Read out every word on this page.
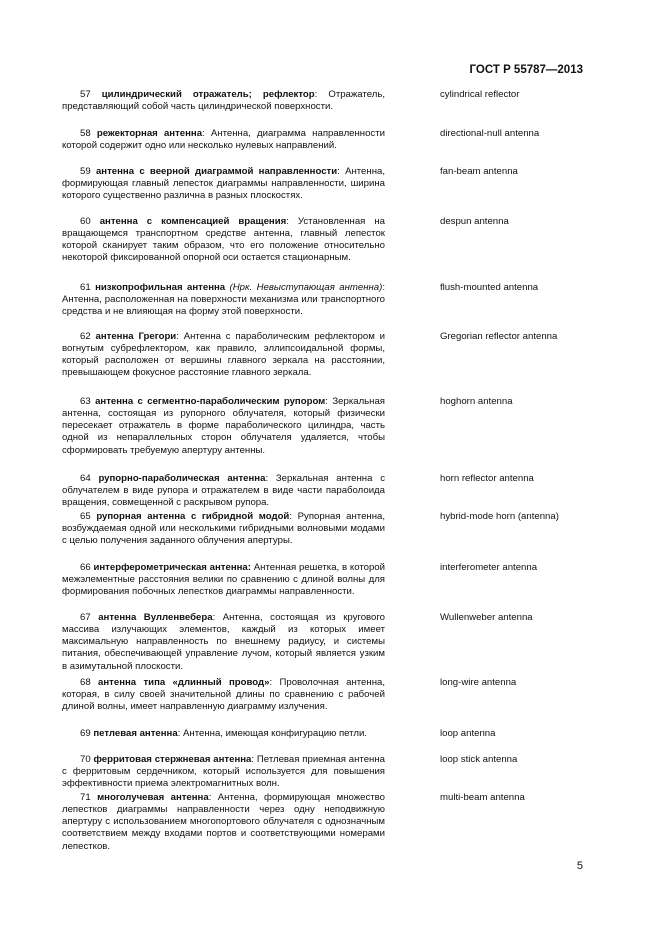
ГОСТ Р 55787—2013
57 цилиндрический отражатель; рефлектор: Отражатель, представляющий собой часть цилиндрической поверхности.
cylindrical reflector
58 режекторная антенна: Антенна, диаграмма направленности которой содержит одно или несколько нулевых направлений.
directional-null antenna
59 антенна с веерной диаграммой направленности: Антенна, формирующая главный лепесток диаграммы направленности, ширина которого существенно различна в разных плоскостях.
fan-beam antenna
60 антенна с компенсацией вращения: Установленная на вращающемся транспортном средстве антенна, главный лепесток которой сканирует таким образом, что его положение относительно некоторой фиксированной опорной оси остается стационарным.
despun antenna
61 низкопрофильная антенна (Нрк. Невыступающая антенна): Антенна, расположенная на поверхности механизма или транспортного средства и не влияющая на форму этой поверхности.
flush-mounted antenna
62 антенна Грегори: Антенна с параболическим рефлектором и вогнутым субрефлектором, как правило, эллипсоидальной формы, который расположен от вершины главного зеркала на расстоянии, превышающем фокусное расстояние главного зеркала.
Gregorian reflector antenna
63 антенна с сегментно-параболическим рупором: Зеркальная антенна, состоящая из рупорного облучателя, который физически пересекает отражатель в форме параболического цилиндра, часть одной из непараллельных сторон облучателя удаляется, чтобы сформировать требуемую апертуру антенны.
hoghorn antenna
64 рупорно-параболическая антенна: Зеркальная антенна с облучателем в виде рупора и отражателем в виде части параболоида вращения, совмещенной с раскрывом рупора.
horn reflector antenna
65 рупорная антенна с гибридной модой: Рупорная антенна, возбуждаемая одной или несколькими гибридными волновыми модами с целью получения заданного облучения апертуры.
hybrid-mode horn (antenna)
66 интерферометрическая антенна: Антенная решетка, в которой межэлементные расстояния велики по сравнению с длиной волны для формирования побочных лепестков диаграммы направленности.
interferometer antenna
67 антенна Вулленвебера: Антенна, состоящая из кругового массива излучающих элементов, каждый из которых имеет максимальную направленность по внешнему радиусу, и системы питания, обеспечивающей управление лучом, который является узким в азимутальной плоскости.
Wullenweber antenna
68 антенна типа «длинный провод»: Проволочная антенна, которая, в силу своей значительной длины по сравнению с рабочей длиной волны, имеет направленную диаграмму излучения.
long-wire antenna
69 петлевая антенна: Антенна, имеющая конфигурацию петли.	loop antenna
70 ферритовая стержневая антенна: Петлевая приемная антенна с ферритовым сердечником, который используется для повышения эффективности приема электромагнитных волн.
loop stick antenna
71 многолучевая антенна: Антенна, формирующая множество лепестков диаграммы направленности через одну неподвижную апертуру с использованием многопортового облучателя с однозначным соответствием между входами портов и соответствующими номерами лепестков.
multi-beam antenna
5
